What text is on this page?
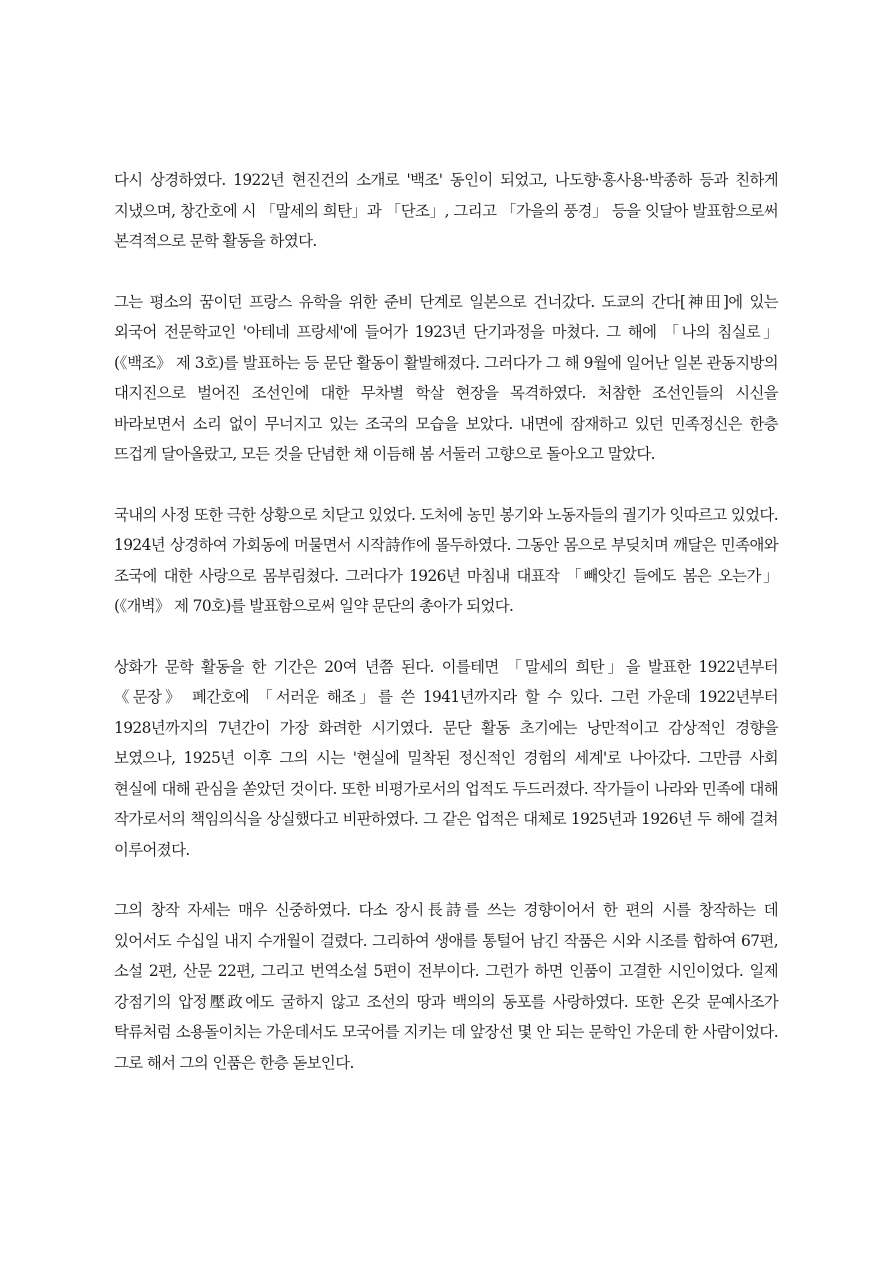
다시 상경하였다. 1922년 현진건의 소개로 '백조' 동인이 되었고, 나도향·홍사용·박종하 등과 친하게 지냈으며, 창간호에 시 「말세의 희탄」과 「단조」, 그리고 「가을의 풍경」 등을 잇달아 발표함으로써 본격적으로 문학 활동을 하였다.

그는 평소의 꿈이던 프랑스 유학을 위한 준비 단계로 일본으로 건너갔다. 도쿄의 간다[神田]에 있는 외국어 전문학교인 '아테네 프랑세'에 들어가 1923년 단기과정을 마쳤다. 그 해에 「나의 침실로」(《백조》 제 3호)를 발표하는 등 문단 활동이 활발해졌다. 그러다가 그 해 9월에 일어난 일본 관동지방의 대지진으로 벌어진 조선인에 대한 무차별 학살 현장을 목격하였다. 처참한 조선인들의 시신을 바라보면서 소리 없이 무너지고 있는 조국의 모습을 보았다. 내면에 잠재하고 있던 민족정신은 한층 뜨겁게 달아올랐고, 모든 것을 단념한 채 이듬해 봄 서둘러 고향으로 돌아오고 말았다.

국내의 사정 또한 극한 상황으로 치닫고 있었다. 도처에 농민 봉기와 노동자들의 궐기가 잇따르고 있었다. 1924년 상경하여 가회동에 머물면서 시작詩作에 몰두하였다. 그동안 몸으로 부딪치며 깨달은 민족애와 조국에 대한 사랑으로 몸부림쳤다. 그러다가 1926년 마침내 대표작 「빼앗긴 들에도 봄은 오는가」(《개벽》 제 70호)를 발표함으로써 일약 문단의 총아가 되었다.

상화가 문학 활동을 한 기간은 20여 년쯤 된다. 이를테면 「말세의 희탄」을 발표한 1922년부터 《문장》 폐간호에 「서러운 해조」를 쓴 1941년까지라 할 수 있다. 그런 가운데 1922년부터 1928년까지의 7년간이 가장 화려한 시기였다. 문단 활동 초기에는 낭만적이고 감상적인 경향을 보였으나, 1925년 이후 그의 시는 '현실에 밀착된 정신적인 경험의 세계'로 나아갔다. 그만큼 사회 현실에 대해 관심을 쏟았던 것이다. 또한 비평가로서의 업적도 두드러졌다. 작가들이 나라와 민족에 대해 작가로서의 책임의식을 상실했다고 비판하였다. 그 같은 업적은 대체로 1925년과 1926년 두 해에 걸쳐 이루어졌다.

그의 창작 자세는 매우 신중하였다. 다소 장시長詩를 쓰는 경향이어서 한 편의 시를 창작하는 데 있어서도 수십일 내지 수개월이 걸렸다. 그리하여 생애를 통털어 남긴 작품은 시와 시조를 합하여 67편, 소설 2편, 산문 22편, 그리고 번역소설 5편이 전부이다. 그런가 하면 인품이 고결한 시인이었다. 일제 강점기의 압정壓政에도 굴하지 않고 조선의 땅과 백의의 동포를 사랑하였다. 또한 온갖 문예사조가 탁류처럼 소용돌이치는 가운데서도 모국어를 지키는 데 앞장선 몇 안 되는 문학인 가운데 한 사람이었다. 그로 해서 그의 인품은 한층 돋보인다.
